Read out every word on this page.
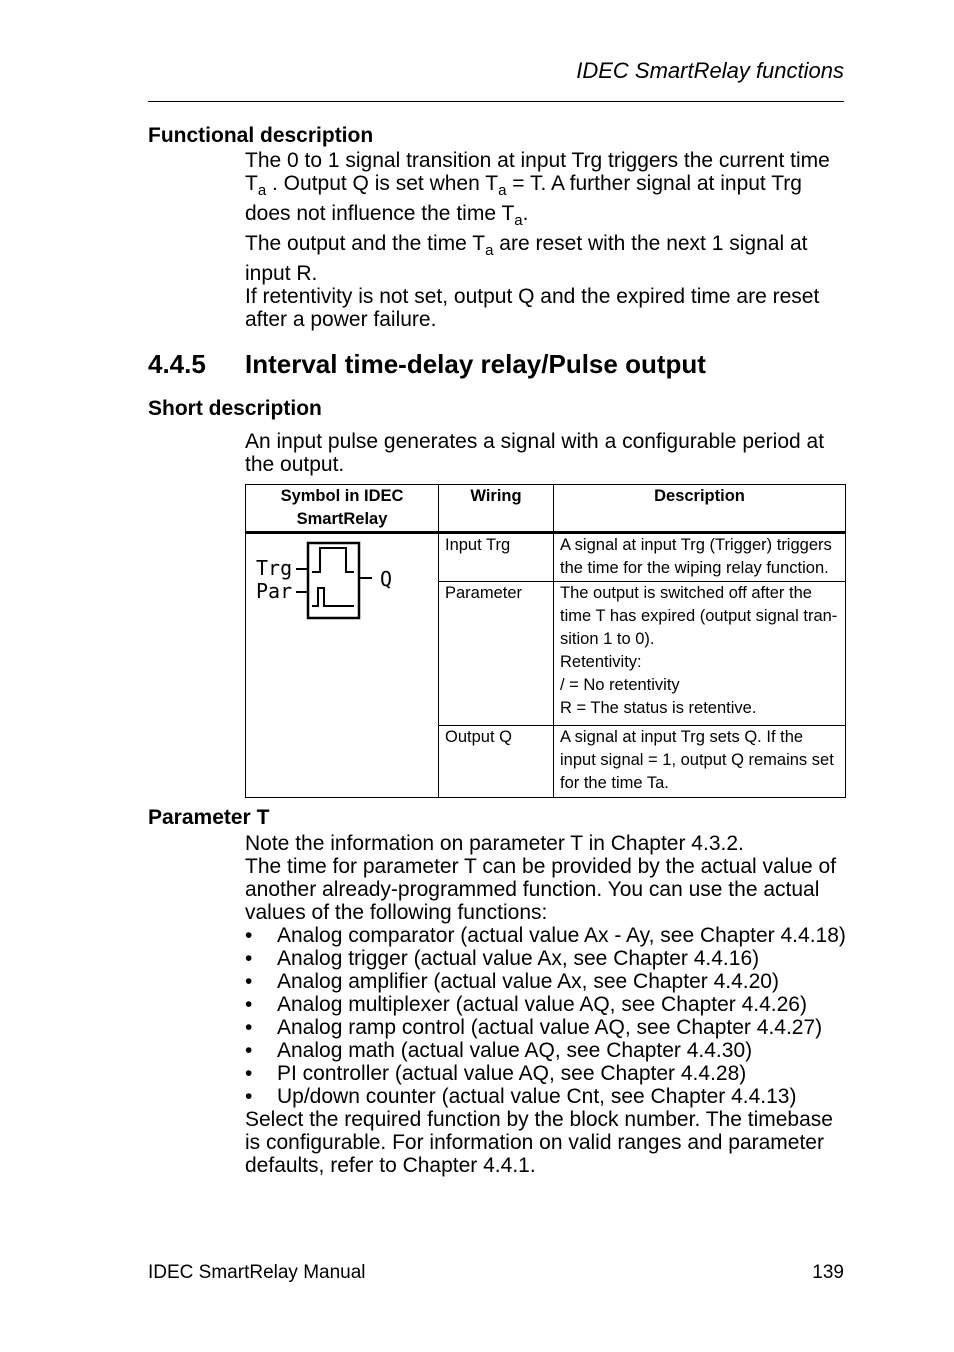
IDEC SmartRelay functions
Functional description

The 0 to 1 signal transition at input Trg triggers the current time $T_a$ . Output Q is set when $T_a = T$. A further signal at input Trg does not influence the time $T_a$.

The output and the time $T_a$ are reset with the next 1 signal at input R.

If retentivity is not set, output Q and the expired time are reset after a power failure.

4.4.5 Interval time-delay relay/Pulse output
Short description
An input pulse generates a signal with a configurable period at the output.
Symbol in IDEC SmartRelay	Wiring	Description

Trg
Par Q	Input Trg	A signal at input Trg (Trigger) triggers the time for the wiping relay function.

	Parameter	The output is switched off after the time T has expired (output signal tran-sition 1 to 0).
Retentivity:
/ = No retentivity
R = The status is retentive.

	Output Q	A signal at input Trg sets Q. If the input signal = 1, output Q remains set for the time Ta.
Parameter T

Note the information on parameter T in Chapter 4.3.2.

The time for parameter T can be provided by the actual value of another already-programmed function. You can use the actual values of the following functions:

• Analog comparator (actual value Ax - Ay, see Chapter 4.4.18)
• Analog trigger (actual value Ax, see Chapter 4.4.16)
• Analog amplifier (actual value Ax, see Chapter 4.4.20)
• Analog multiplexer (actual value AQ, see Chapter 4.4.26)
• Analog ramp control (actual value AQ, see Chapter 4.4.27)
• Analog math (actual value AQ, see Chapter 4.4.30)
• PI controller (actual value AQ, see Chapter 4.4.28)
• Up/down counter (actual value Cnt, see Chapter 4.4.13)

Select the required function by the block number. The timebase is configurable. For information on valid ranges and parameter defaults, refer to Chapter 4.4.1.

IDEC SmartRelay Manual	139
